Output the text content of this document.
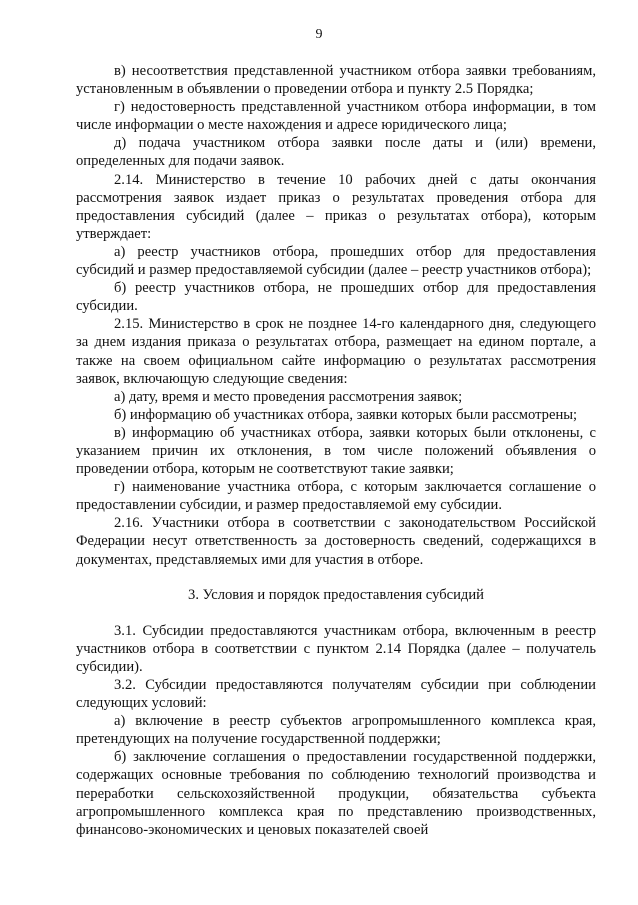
9

в) несоответствия представленной участником отбора заявки требованиям, установленным в объявлении о проведении отбора и пункту 2.5 Порядка;

г) недостоверность представленной участником отбора информации, в том числе информации о месте нахождения и адресе юридического лица;

д) подача участником отбора заявки после даты и (или) времени, определенных для подачи заявок.

2.14. Министерство в течение 10 рабочих дней с даты окончания рассмотрения заявок издает приказ о результатах проведения отбора для предоставления субсидий (далее – приказ о результатах отбора), которым утверждает:

а) реестр участников отбора, прошедших отбор для предоставления субсидий и размер предоставляемой субсидии (далее – реестр участников отбора);

б) реестр участников отбора, не прошедших отбор для предоставления субсидии.

2.15. Министерство в срок не позднее 14-го календарного дня, следующего за днем издания приказа о результатах отбора, размещает на едином портале, а также на своем официальном сайте информацию о результатах рассмотрения заявок, включающую следующие сведения:

а) дату, время и место проведения рассмотрения заявок;

б) информацию об участниках отбора, заявки которых были рассмотрены;

в) информацию об участниках отбора, заявки которых были отклонены, с указанием причин их отклонения, в том числе положений объявления о проведении отбора, которым не соответствуют такие заявки;

г) наименование участника отбора, с которым заключается соглашение о предоставлении субсидии, и размер предоставляемой ему субсидии.

2.16. Участники отбора в соответствии с законодательством Российской Федерации несут ответственность за достоверность сведений, содержащихся в документах, представляемых ими для участия в отборе.

3. Условия и порядок предоставления субсидий

3.1. Субсидии предоставляются участникам отбора, включенным в реестр участников отбора в соответствии с пунктом 2.14 Порядка (далее – получатель субсидии).

3.2. Субсидии предоставляются получателям субсидии при соблюдении следующих условий:

а) включение в реестр субъектов агропромышленного комплекса края, претендующих на получение государственной поддержки;

б) заключение соглашения о предоставлении государственной поддержки, содержащих основные требования по соблюдению технологий производства и переработки сельскохозяйственной продукции, обязательства субъекта агропромышленного комплекса края по представлению производственных, финансово-экономических и ценовых показателей своей
